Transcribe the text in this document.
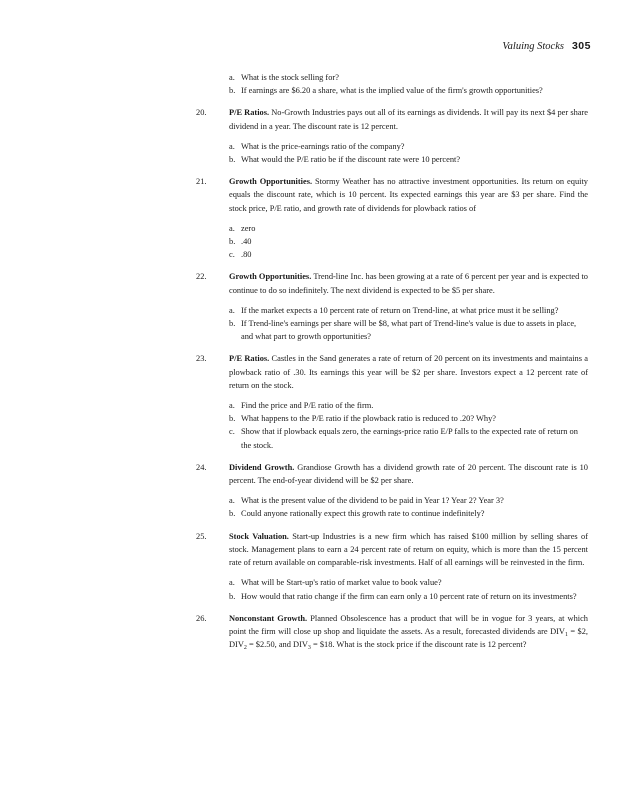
Valuing Stocks 305
a. What is the stock selling for?
b. If earnings are $6.20 a share, what is the implied value of the firm's growth opportunities?
20.	P/E Ratios. No-Growth Industries pays out all of its earnings as dividends. It will pay its next $4 per share dividend in a year. The discount rate is 12 percent.
a. What is the price-earnings ratio of the company?
b. What would the P/E ratio be if the discount rate were 10 percent?
21.	Growth Opportunities. Stormy Weather has no attractive investment opportunities. Its return on equity equals the discount rate, which is 10 percent. Its expected earnings this year are $3 per share. Find the stock price, P/E ratio, and growth rate of dividends for plowback ratios of
a. zero
b. .40
c. .80
22.	Growth Opportunities. Trend-line Inc. has been growing at a rate of 6 percent per year and is expected to continue to do so indefinitely. The next dividend is expected to be $5 per share.
a. If the market expects a 10 percent rate of return on Trend-line, at what price must it be selling?
b. If Trend-line's earnings per share will be $8, what part of Trend-line's value is due to assets in place, and what part to growth opportunities?
23.	P/E Ratios. Castles in the Sand generates a rate of return of 20 percent on its investments and maintains a plowback ratio of .30. Its earnings this year will be $2 per share. Investors expect a 12 percent rate of return on the stock.
a. Find the price and P/E ratio of the firm.
b. What happens to the P/E ratio if the plowback ratio is reduced to .20? Why?
c. Show that if plowback equals zero, the earnings-price ratio E/P falls to the expected rate of return on the stock.
24.	Dividend Growth. Grandiose Growth has a dividend growth rate of 20 percent. The discount rate is 10 percent. The end-of-year dividend will be $2 per share.
a. What is the present value of the dividend to be paid in Year 1? Year 2? Year 3?
b. Could anyone rationally expect this growth rate to continue indefinitely?
25.	Stock Valuation. Start-up Industries is a new firm which has raised $100 million by selling shares of stock. Management plans to earn a 24 percent rate of return on equity, which is more than the 15 percent rate of return available on comparable-risk investments. Half of all earnings will be reinvested in the firm.
a. What will be Start-up's ratio of market value to book value?
b. How would that ratio change if the firm can earn only a 10 percent rate of return on its investments?
26.	Nonconstant Growth. Planned Obsolescence has a product that will be in vogue for 3 years, at which point the firm will close up shop and liquidate the assets. As a result, forecasted dividends are $DIV_1$ = $2, $DIV_2$ = $2.50, and $DIV_3$ = $18. What is the stock price if the discount rate is 12 percent?
